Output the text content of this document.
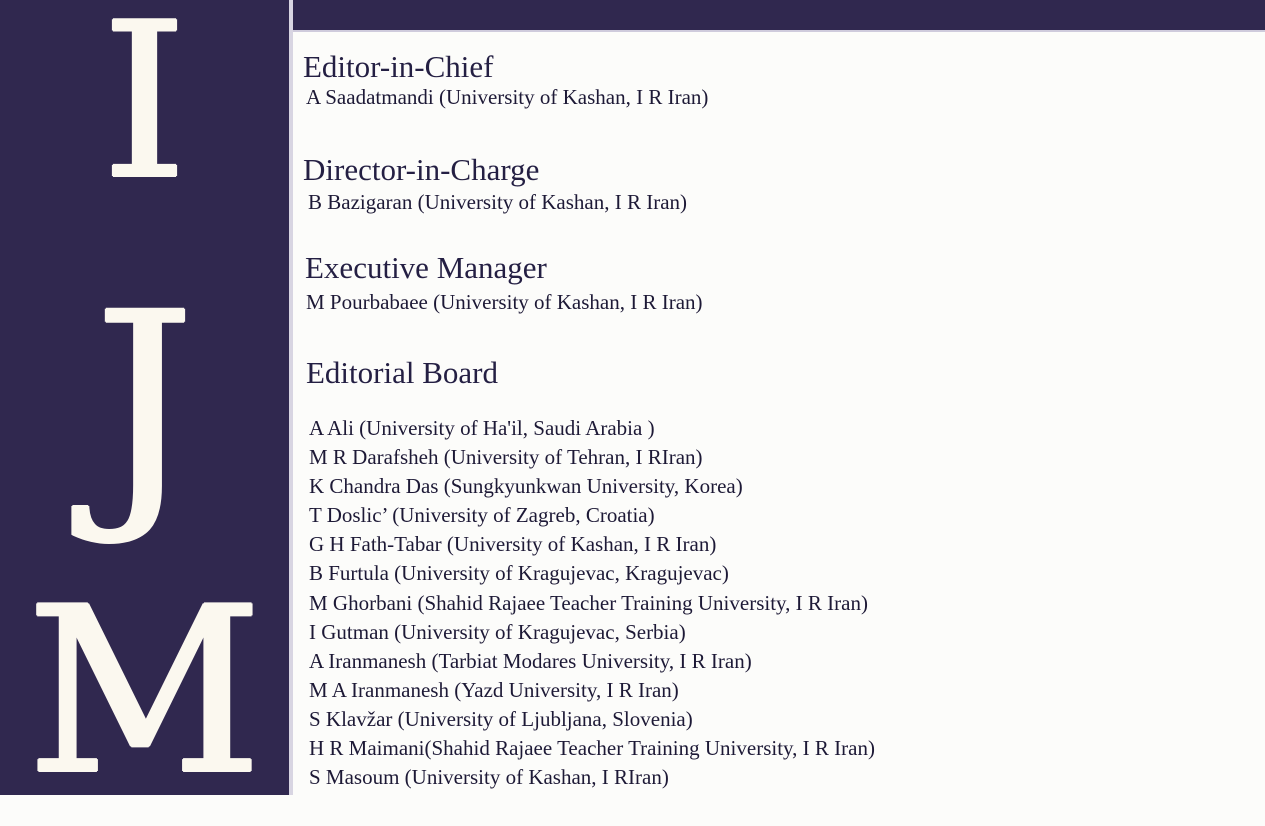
I
J
M
Editor-in-Chief
A Saadatmandi (University of Kashan, I R Iran)
Director-in-Charge
B Bazigaran (University of Kashan, I R Iran)
Executive Manager
M Pourbabaee (University of Kashan, I R Iran)
Editorial Board
A Ali (University of Ha'il, Saudi Arabia )
M R Darafsheh (University of Tehran, I RIran)
K Chandra Das (Sungkyunkwan University, Korea)
T Doslic’ (University of Zagreb, Croatia)
G H Fath-Tabar (University of Kashan, I R Iran)
B Furtula (University of Kragujevac, Kragujevac)
M Ghorbani (Shahid Rajaee Teacher Training University, I R Iran)
I Gutman (University of Kragujevac, Serbia)
A Iranmanesh (Tarbiat Modares University, I R Iran)
M A Iranmanesh (Yazd University, I R Iran)
S Klavžar (University of Ljubljana, Slovenia)
H R Maimani(Shahid Rajaee Teacher Training University, I R Iran)
S Masoum (University of Kashan, I RIran)
